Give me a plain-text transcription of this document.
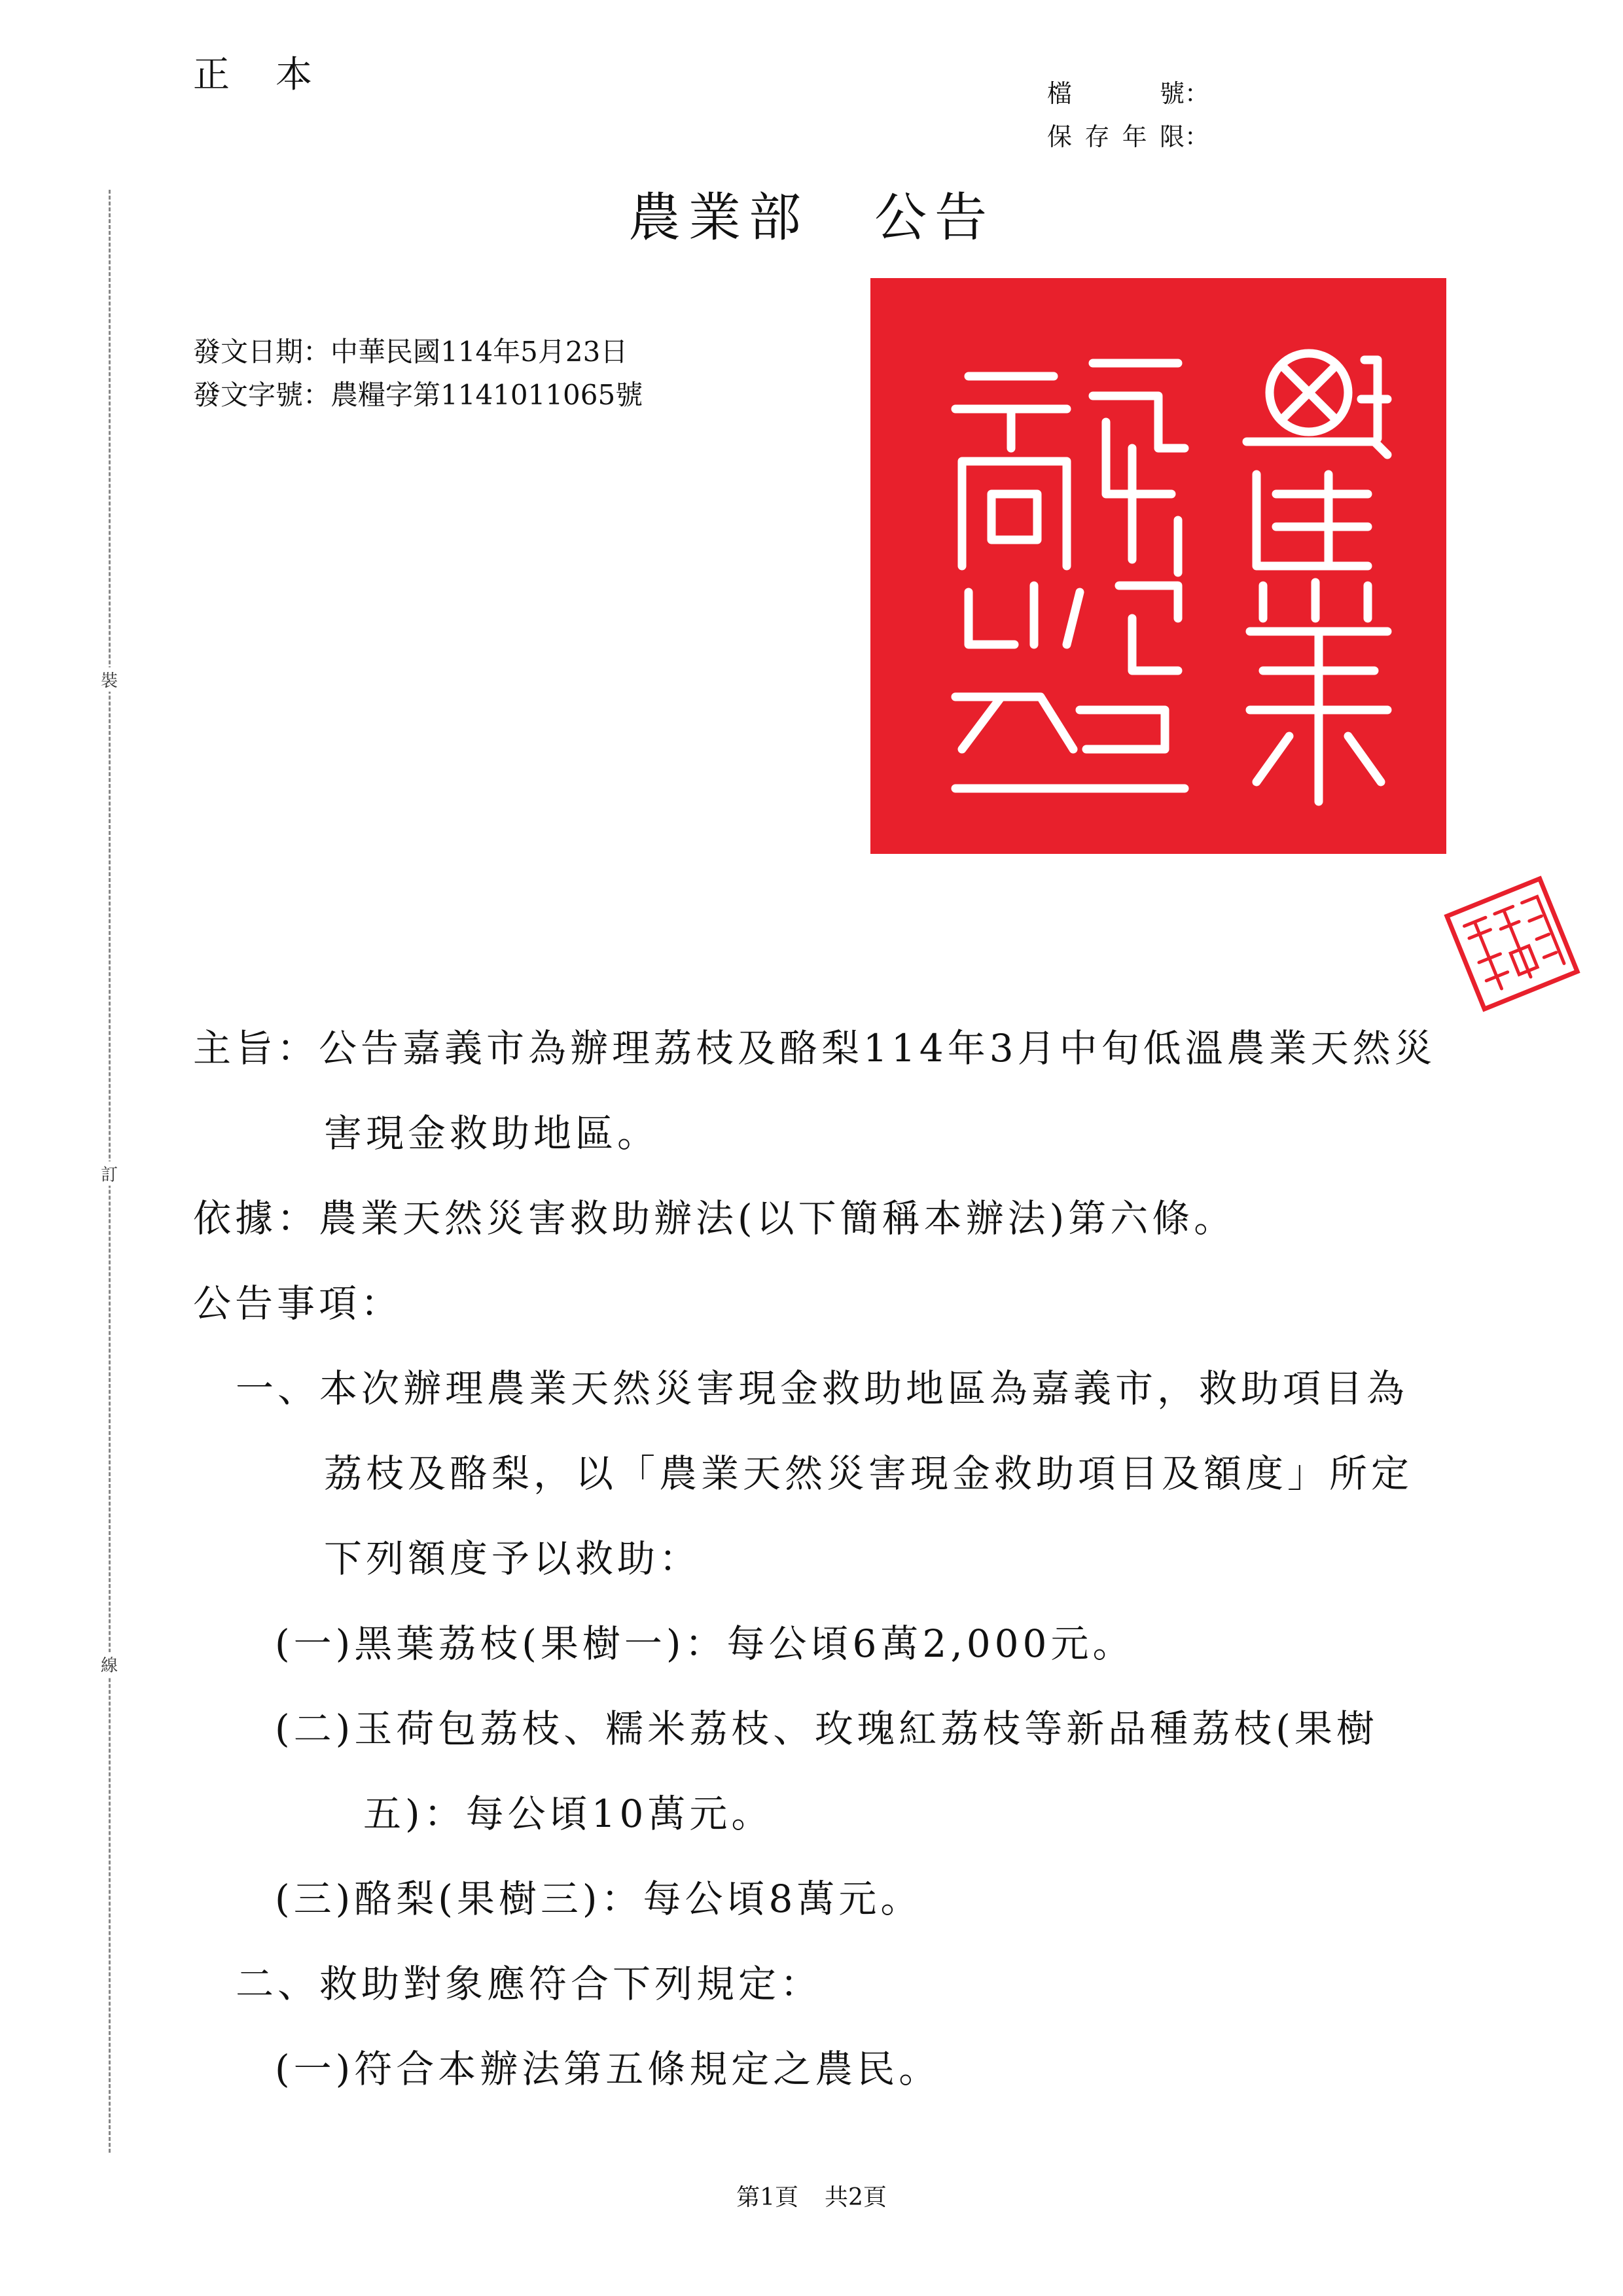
正本	檔號 ：
保存年限 ：
裝
訂
線
農業部 公告
發文日期：中華民國114年5月23日
發文字號：農糧字第1141011065號
主旨：公告嘉義市為辦理荔枝及酪梨114年3月中旬低溫農業天然災
害現金救助地區。
依據：農業天然災害救助辦法(以下簡稱本辦法)第六條。
公告事項：
一、本次辦理農業天然災害現金救助地區為嘉義市，救助項目為
荔枝及酪梨，以「農業天然災害現金救助項目及額度」所定
下列額度予以救助：
(一)黑葉荔枝(果樹一)：每公頃6萬2,000元。
(二)玉荷包荔枝、糯米荔枝、玫瑰紅荔枝等新品種荔枝(果樹
五)：每公頃10萬元。
(三)酪梨(果樹三)：每公頃8萬元。
二、救助對象應符合下列規定：
(一)符合本辦法第五條規定之農民。
第1頁 共2頁
